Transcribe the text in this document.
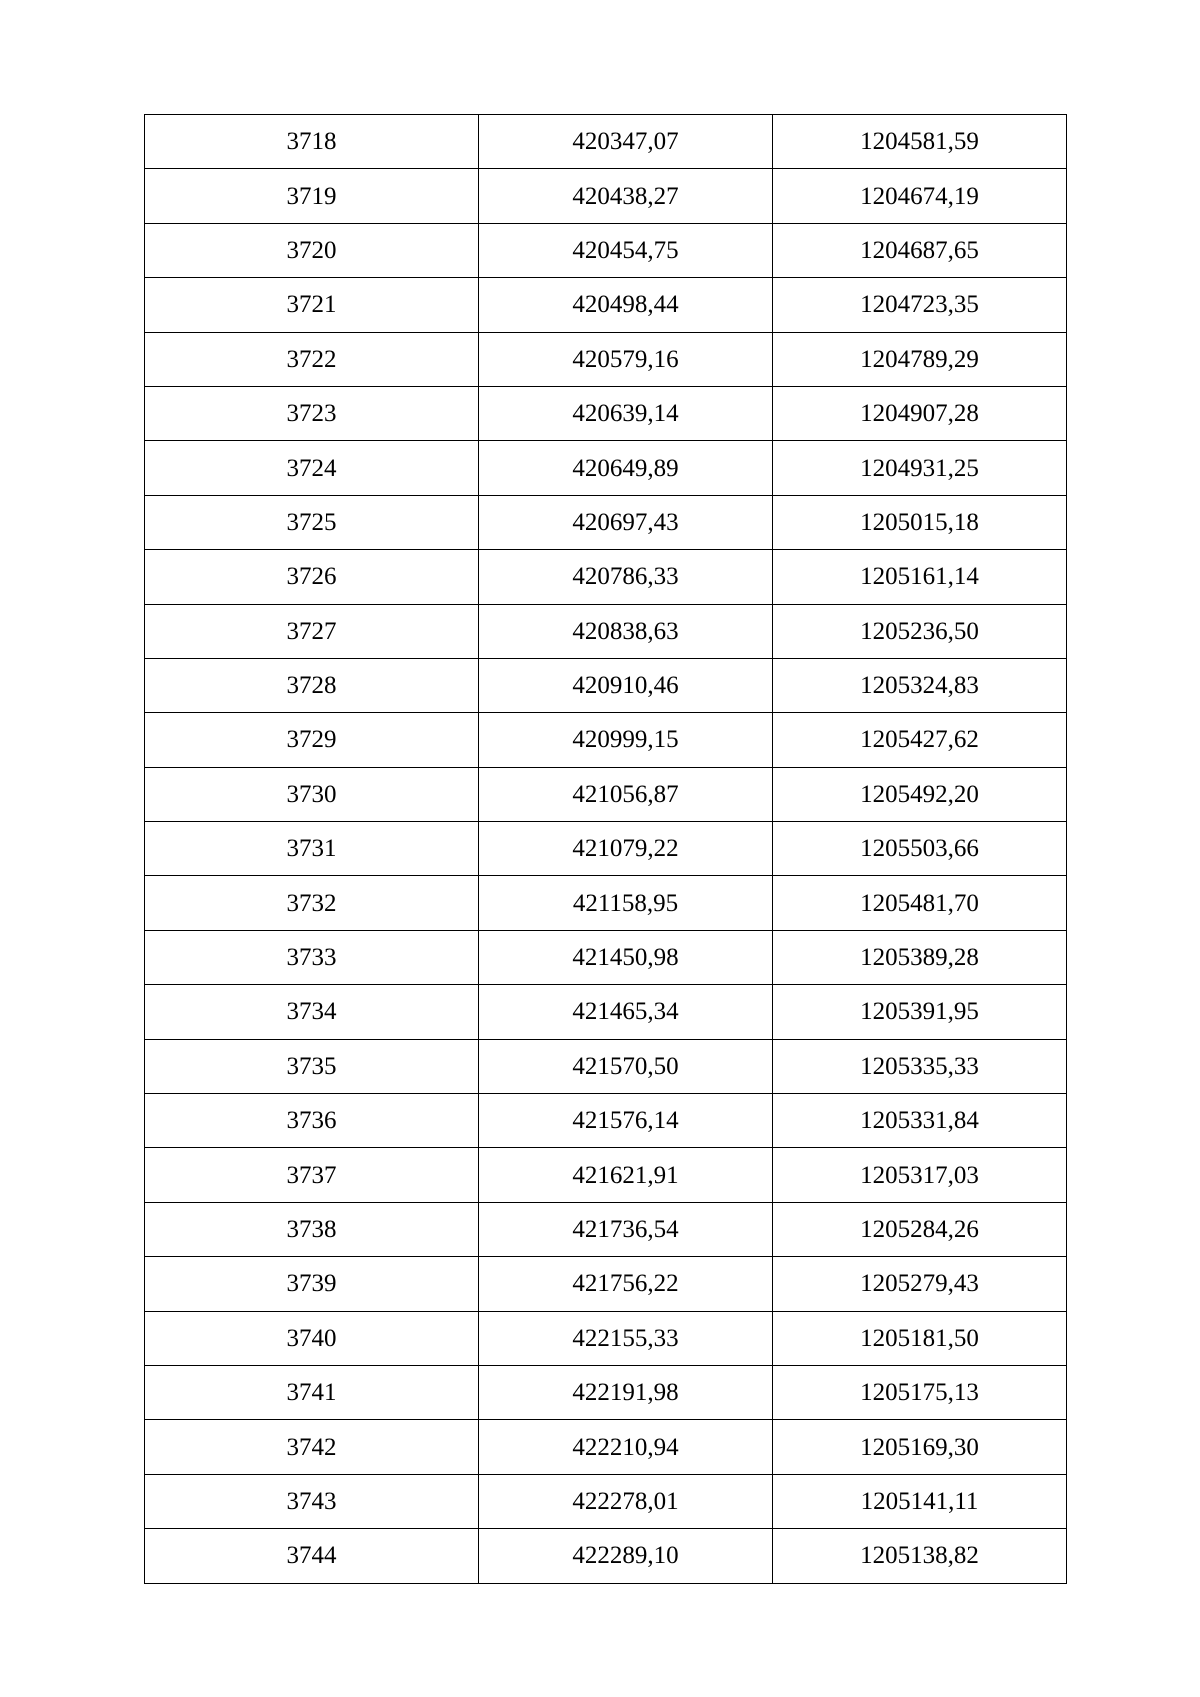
3718	420347,07	1204581,59
3719	420438,27	1204674,19
3720	420454,75	1204687,65
3721	420498,44	1204723,35
3722	420579,16	1204789,29
3723	420639,14	1204907,28
3724	420649,89	1204931,25
3725	420697,43	1205015,18
3726	420786,33	1205161,14
3727	420838,63	1205236,50
3728	420910,46	1205324,83
3729	420999,15	1205427,62
3730	421056,87	1205492,20
3731	421079,22	1205503,66
3732	421158,95	1205481,70
3733	421450,98	1205389,28
3734	421465,34	1205391,95
3735	421570,50	1205335,33
3736	421576,14	1205331,84
3737	421621,91	1205317,03
3738	421736,54	1205284,26
3739	421756,22	1205279,43
3740	422155,33	1205181,50
3741	422191,98	1205175,13
3742	422210,94	1205169,30
3743	422278,01	1205141,11
3744	422289,10	1205138,82
